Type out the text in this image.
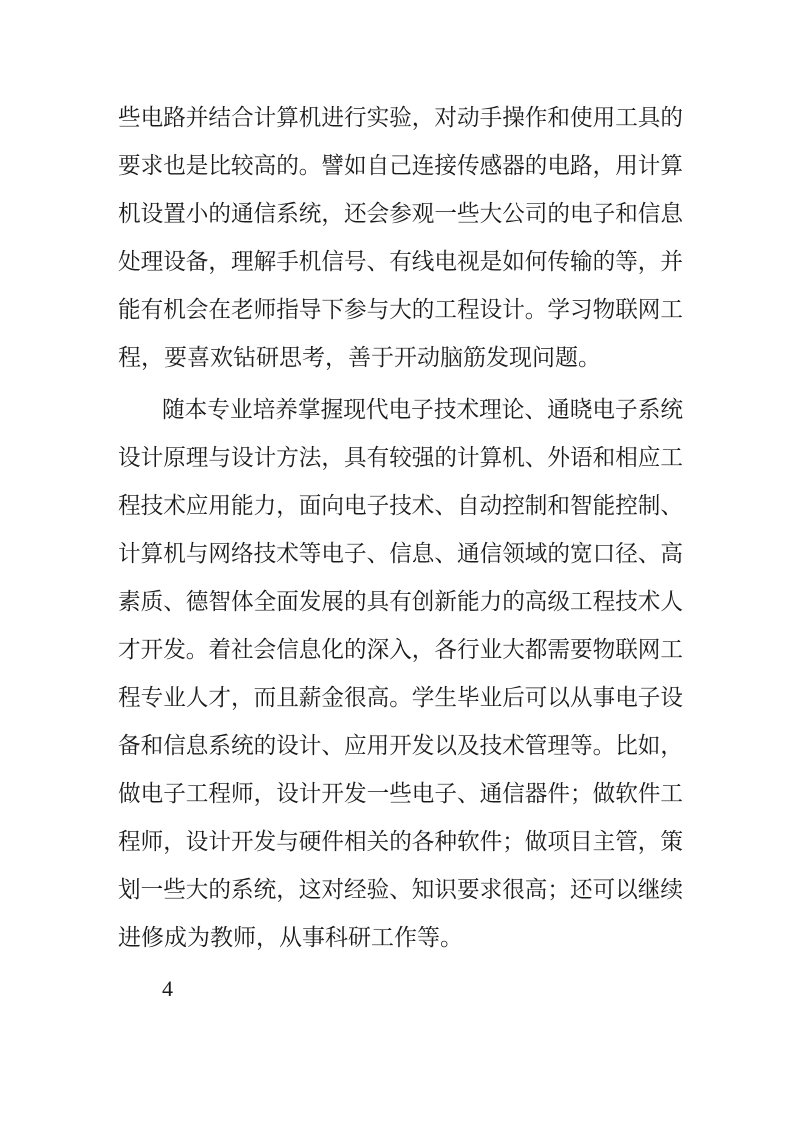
些电路并结合计算机进行实验，对动手操作和使用工具的
要求也是比较高的。譬如自己连接传感器的电路，用计算
机设置小的通信系统，还会参观一些大公司的电子和信息
处理设备，理解手机信号、有线电视是如何传输的等，并
能有机会在老师指导下参与大的工程设计。学习物联网工
程，要喜欢钻研思考，善于开动脑筋发现问题。
随本专业培养掌握现代电子技术理论、通晓电子系统
设计原理与设计方法，具有较强的计算机、外语和相应工
程技术应用能力，面向电子技术、自动控制和智能控制、
计算机与网络技术等电子、信息、通信领域的宽口径、高
素质、德智体全面发展的具有创新能力的高级工程技术人
才开发。着社会信息化的深入，各行业大都需要物联网工
程专业人才，而且薪金很高。学生毕业后可以从事电子设
备和信息系统的设计、应用开发以及技术管理等。比如，
做电子工程师，设计开发一些电子、通信器件；做软件工
程师，设计开发与硬件相关的各种软件；做项目主管，策
划一些大的系统，这对经验、知识要求很高；还可以继续
进修成为教师，从事科研工作等。
4
